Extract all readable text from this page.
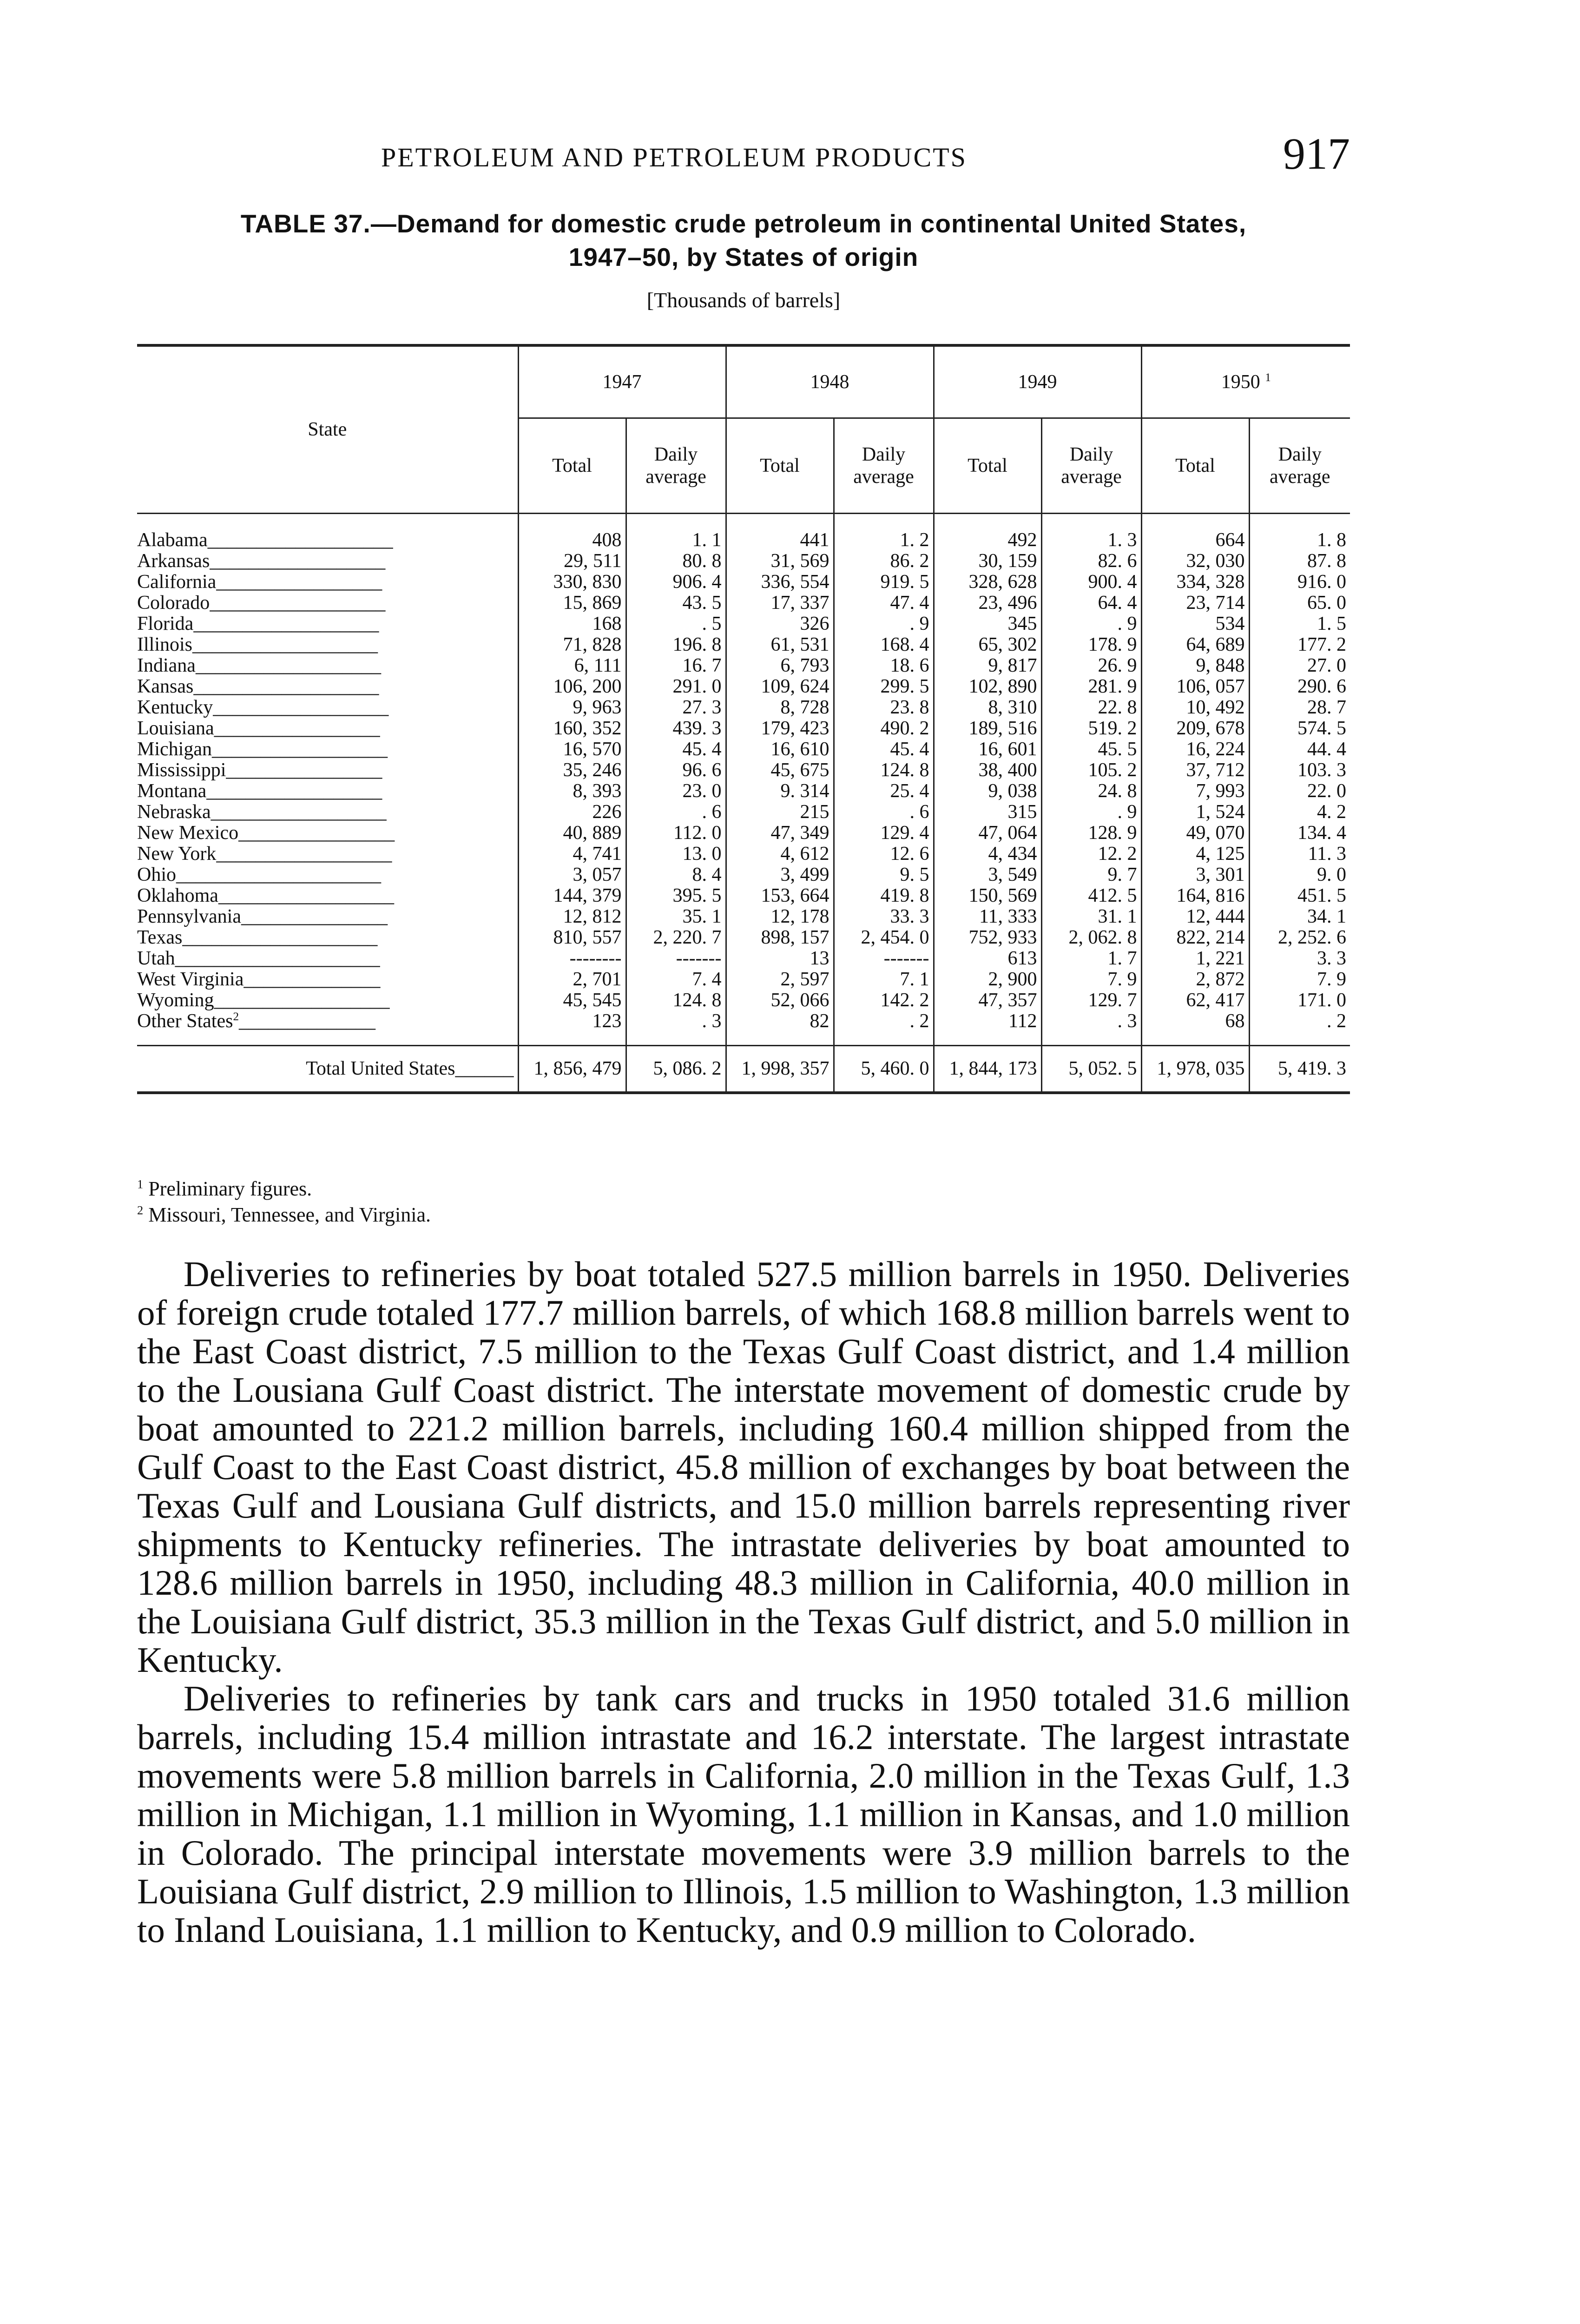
PETROLEUM AND PETROLEUM PRODUCTS	917

TABLE 37.—Demand for domestic crude petroleum in continental United States,
1947–50, by States of origin

[Thousands of barrels]
State	1947		1948		1949		1950 $^1$
	Total	Daily
average	Total	Daily
average	Total	Daily
average	Total	Daily
average
Alabama___________________	408	1. 1	441	1. 2	492	1. 3	664	1. 8
Arkansas__________________	29, 511	80. 8	31, 569	86. 2	30, 159	82. 6	32, 030	87. 8
California_________________	330, 830	906. 4	336, 554	919. 5	328, 628	900. 4	334, 328	916. 0
Colorado__________________	15, 869	43. 5	17, 337	47. 4	23, 496	64. 4	23, 714	65. 0
Florida___________________	168	. 5	326	. 9	345	. 9	534	1. 5
Illinois___________________	71, 828	196. 8	61, 531	168. 4	65, 302	178. 9	64, 689	177. 2
Indiana___________________	6, 111	16. 7	6, 793	18. 6	9, 817	26. 9	9, 848	27. 0
Kansas___________________	106, 200	291. 0	109, 624	299. 5	102, 890	281. 9	106, 057	290. 6
Kentucky__________________	9, 963	27. 3	8, 728	23. 8	8, 310	22. 8	10, 492	28. 7
Louisiana_________________	160, 352	439. 3	179, 423	490. 2	189, 516	519. 2	209, 678	574. 5
Michigan__________________	16, 570	45. 4	16, 610	45. 4	16, 601	45. 5	16, 224	44. 4
Mississippi________________	35, 246	96. 6	45, 675	124. 8	38, 400	105. 2	37, 712	103. 3
Montana__________________	8, 393	23. 0	9. 314	25. 4	9, 038	24. 8	7, 993	22. 0
Nebraska__________________	226	. 6	215	. 6	315	. 9	1, 524	4. 2
New Mexico________________	40, 889	112. 0	47, 349	129. 4	47, 064	128. 9	49, 070	134. 4
New York__________________	4, 741	13. 0	4, 612	12. 6	4, 434	12. 2	4, 125	11. 3
Ohio_____________________	3, 057	8. 4	3, 499	9. 5	3, 549	9. 7	3, 301	9. 0
Oklahoma__________________	144, 379	395. 5	153, 664	419. 8	150, 569	412. 5	164, 816	451. 5
Pennsylvania_______________	12, 812	35. 1	12, 178	33. 3	11, 333	31. 1	12, 444	34. 1
Texas____________________	810, 557	2, 220. 7	898, 157	2, 454. 0	752, 933	2, 062. 8	822, 214	2, 252. 6
Utah_____________________	--------	-------	13	-------	613	1. 7	1, 221	3. 3
West Virginia______________	2, 701	7. 4	2, 597	7. 1	2, 900	7. 9	2, 872	7. 9
Wyoming__________________	45, 545	124. 8	52, 066	142. 2	47, 357	129. 7	62, 417	171. 0
Other States$^2$______________	123	. 3	82	. 2	112	. 3	68	. 2
Total United States______	1, 856, 479	5, 086. 2	1, 998, 357	5, 460. 0	1, 844, 173	5, 052. 5	1, 978, 035	5, 419. 3

$^1$ Preliminary figures.

$^2$ Missouri, Tennessee, and Virginia.

Deliveries to refineries by boat totaled 527.5 million barrels in 1950. Deliveries of foreign crude totaled 177.7 million barrels, of which 168.8 million barrels went to the East Coast district, 7.5 million to the Texas Gulf Coast district, and 1.4 million to the Lousiana Gulf Coast district. The interstate movement of domestic crude by boat amounted to 221.2 million barrels, including 160.4 million shipped from the Gulf Coast to the East Coast district, 45.8 million of exchanges by boat between the Texas Gulf and Lousiana Gulf districts, and 15.0 million barrels representing river shipments to Kentucky refineries. The intrastate deliveries by boat amounted to 128.6 million barrels in 1950, including 48.3 million in California, 40.0 million in the Louisiana Gulf district, 35.3 million in the Texas Gulf district, and 5.0 million in Kentucky.

Deliveries to refineries by tank cars and trucks in 1950 totaled 31.6 million barrels, including 15.4 million intrastate and 16.2 interstate. The largest intrastate movements were 5.8 million barrels in California, 2.0 million in the Texas Gulf, 1.3 million in Michigan, 1.1 million in Wyoming, 1.1 million in Kansas, and 1.0 million in Colorado. The principal interstate movements were 3.9 million barrels to the Louisiana Gulf district, 2.9 million to Illinois, 1.5 million to Washington, 1.3 million to Inland Louisiana, 1.1 million to Kentucky, and 0.9 million to Colorado.
